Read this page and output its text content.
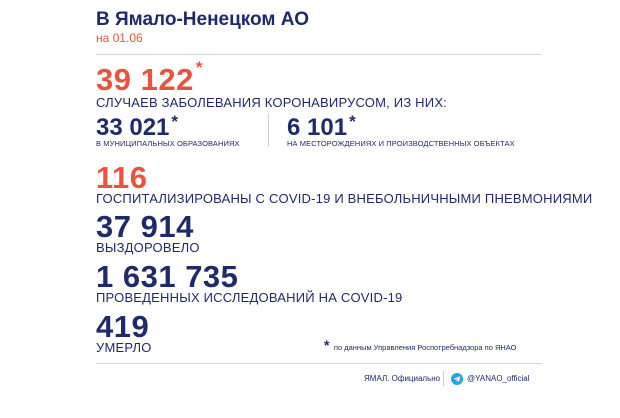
В Ямало-Ненецком АО
на 01.06
39 122 *
СЛУЧАЕВ ЗАБОЛЕВАНИЯ КОРОНАВИРУСОМ, ИЗ НИХ:
33 021 *
В МУНИЦИПАЛЬНЫХ ОБРАЗОВАНИЯХ
6 101 *
НА МЕСТОРОЖДЕНИЯХ И ПРОИЗВОДСТВЕННЫХ ОБЪЕКТАХ
116
ГОСПИТАЛИЗИРОВАНЫ С COVID-19 И ВНЕБОЛЬНИЧНЫМИ ПНЕВМОНИЯМИ
37 914
ВЫЗДОРОВЕЛО
1 631 735
ПРОВЕДЕННЫХ ИССЛЕДОВАНИЙ НА COVID-19
419
УМЕРЛО	* по данным Управления Роспотребнадзора по ЯНАО
ЯМАЛ. Официально	@YANAO_official
